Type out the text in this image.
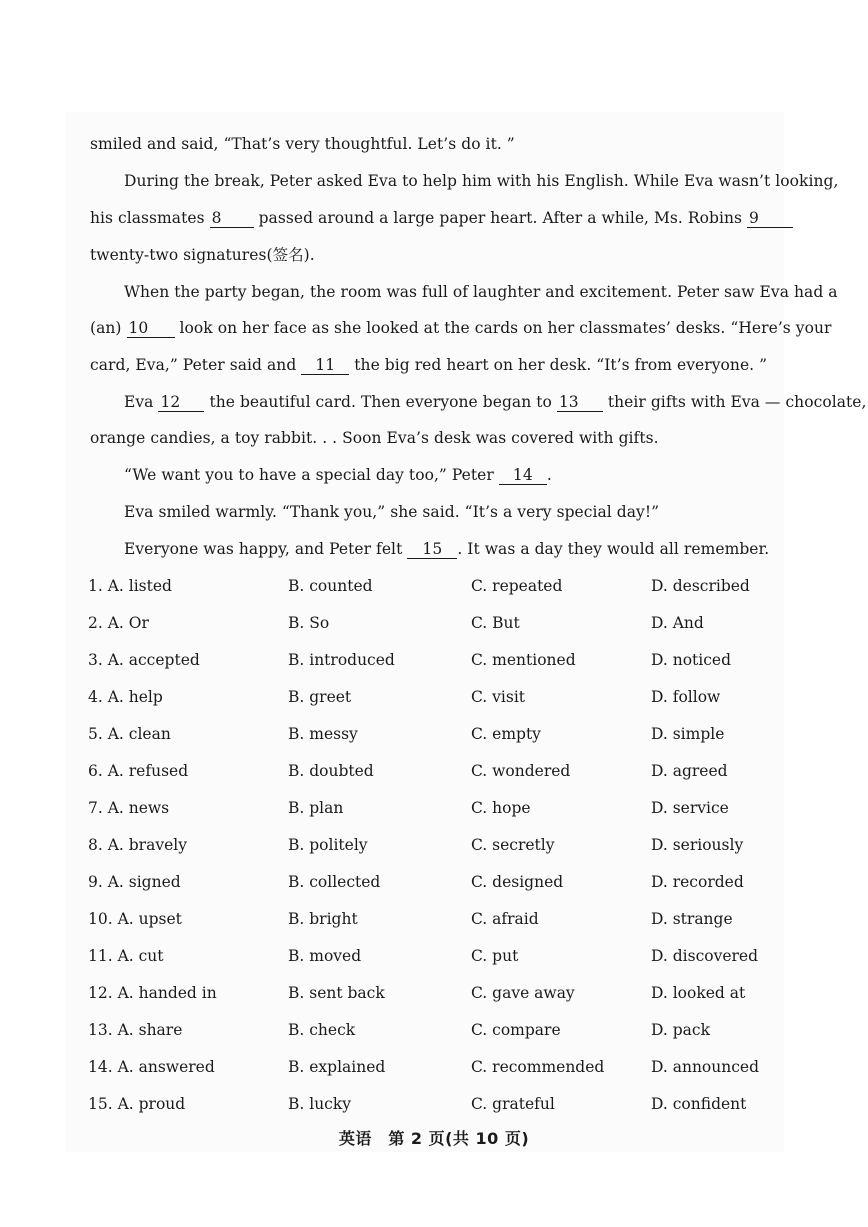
smiled and said, “That’s very thoughtful. Let’s do it. ”
During the break, Peter asked Eva to help him with his English. While Eva wasn’t looking,
his classmates 8 passed around a large paper heart. After a while, Ms. Robins 9
twenty-two signatures(签名).
When the party began, the room was full of laughter and excitement. Peter saw Eva had a
(an) 10 look on her face as she looked at the cards on her classmates’ desks. “Here’s your
card, Eva,” Peter said and 11 the big red heart on her desk. “It’s from everyone. ”
Eva 12 the beautiful card. Then everyone began to 13 their gifts with Eva — chocolate,
orange candies, a toy rabbit. . . Soon Eva’s desk was covered with gifts.
“We want you to have a special day too,” Peter 14 .
Eva smiled warmly. “Thank you,” she said. “It’s a very special day!”
Everyone was happy, and Peter felt 15 . It was a day they would all remember.
1. A. listed	B. counted	C. repeated	D. described
2. A. Or	B. So	C. But	D. And
3. A. accepted	B. introduced	C. mentioned	D. noticed
4. A. help	B. greet	C. visit	D. follow
5. A. clean	B. messy	C. empty	D. simple
6. A. refused	B. doubted	C. wondered	D. agreed
7. A. news	B. plan	C. hope	D. service
8. A. bravely	B. politely	C. secretly	D. seriously
9. A. signed	B. collected	C. designed	D. recorded
10. A. upset	B. bright	C. afraid	D. strange
11. A. cut	B. moved	C. put	D. discovered
12. A. handed in	B. sent back	C. gave away	D. looked at
13. A. share	B. check	C. compare	D. pack
14. A. answered	B. explained	C. recommended	D. announced
15. A. proud	B. lucky	C. grateful	D. confident
英语　第 2 页(共 10 页)
